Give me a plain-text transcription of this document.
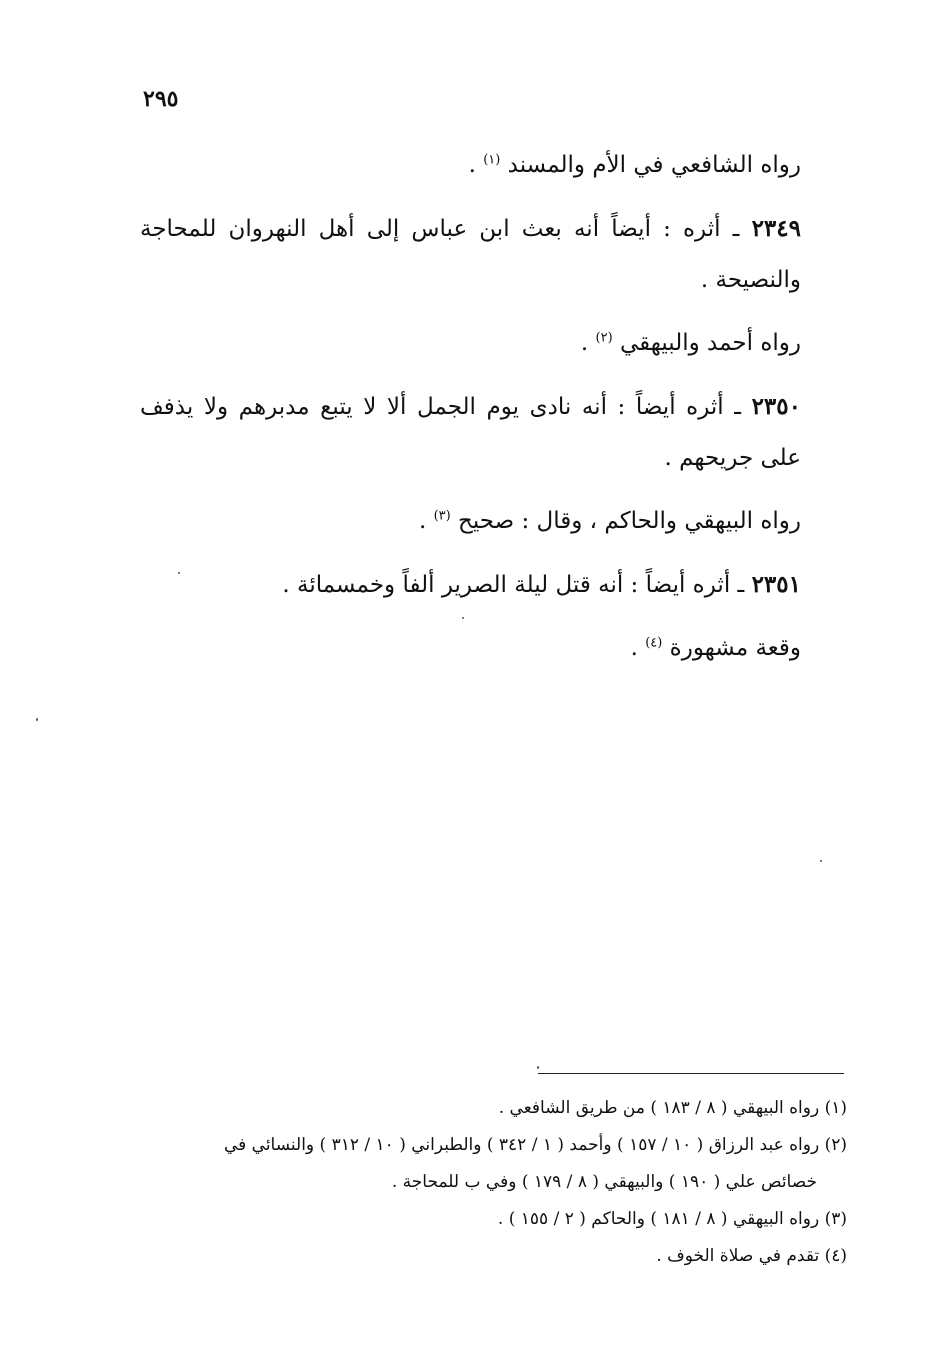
٢٩٥

رواه الشافعي في الأم والمسند $^{(١)}$ .

٢٣٤٩ ـ أثره : أيضاً أنه بعث ابن عباس إلى أهل النهروان للمحاجة والنصيحة .

رواه أحمد والبيهقي $^{(٢)}$ .

٢٣٥٠ ـ أثره أيضاً : أنه نادى يوم الجمل ألا لا يتبع مدبرهم ولا يذفف على جريحهم .

رواه البيهقي والحاكم ، وقال : صحيح $^{(٣)}$ .

٢٣٥١ ـ أثره أيضاً : أنه قتل ليلة الصرير ألفاً وخمسمائة .

وقعة مشهورة $^{(٤)}$ .

(١) رواه البيهقي ( ٨ / ١٨٣ ) من طريق الشافعي .

(٢) رواه عبد الرزاق ( ١٠ / ١٥٧ ) وأحمد ( ١ / ٣٤٢ ) والطبراني ( ١٠ / ٣١٢ ) والنسائي في

خصائص علي ( ١٩٠ ) والبيهقي ( ٨ / ١٧٩ ) وفي ب للمحاجة .

(٣) رواه البيهقي ( ٨ / ١٨١ ) والحاكم ( ٢ / ١٥٥ ) .

(٤) تقدم في صلاة الخوف .
